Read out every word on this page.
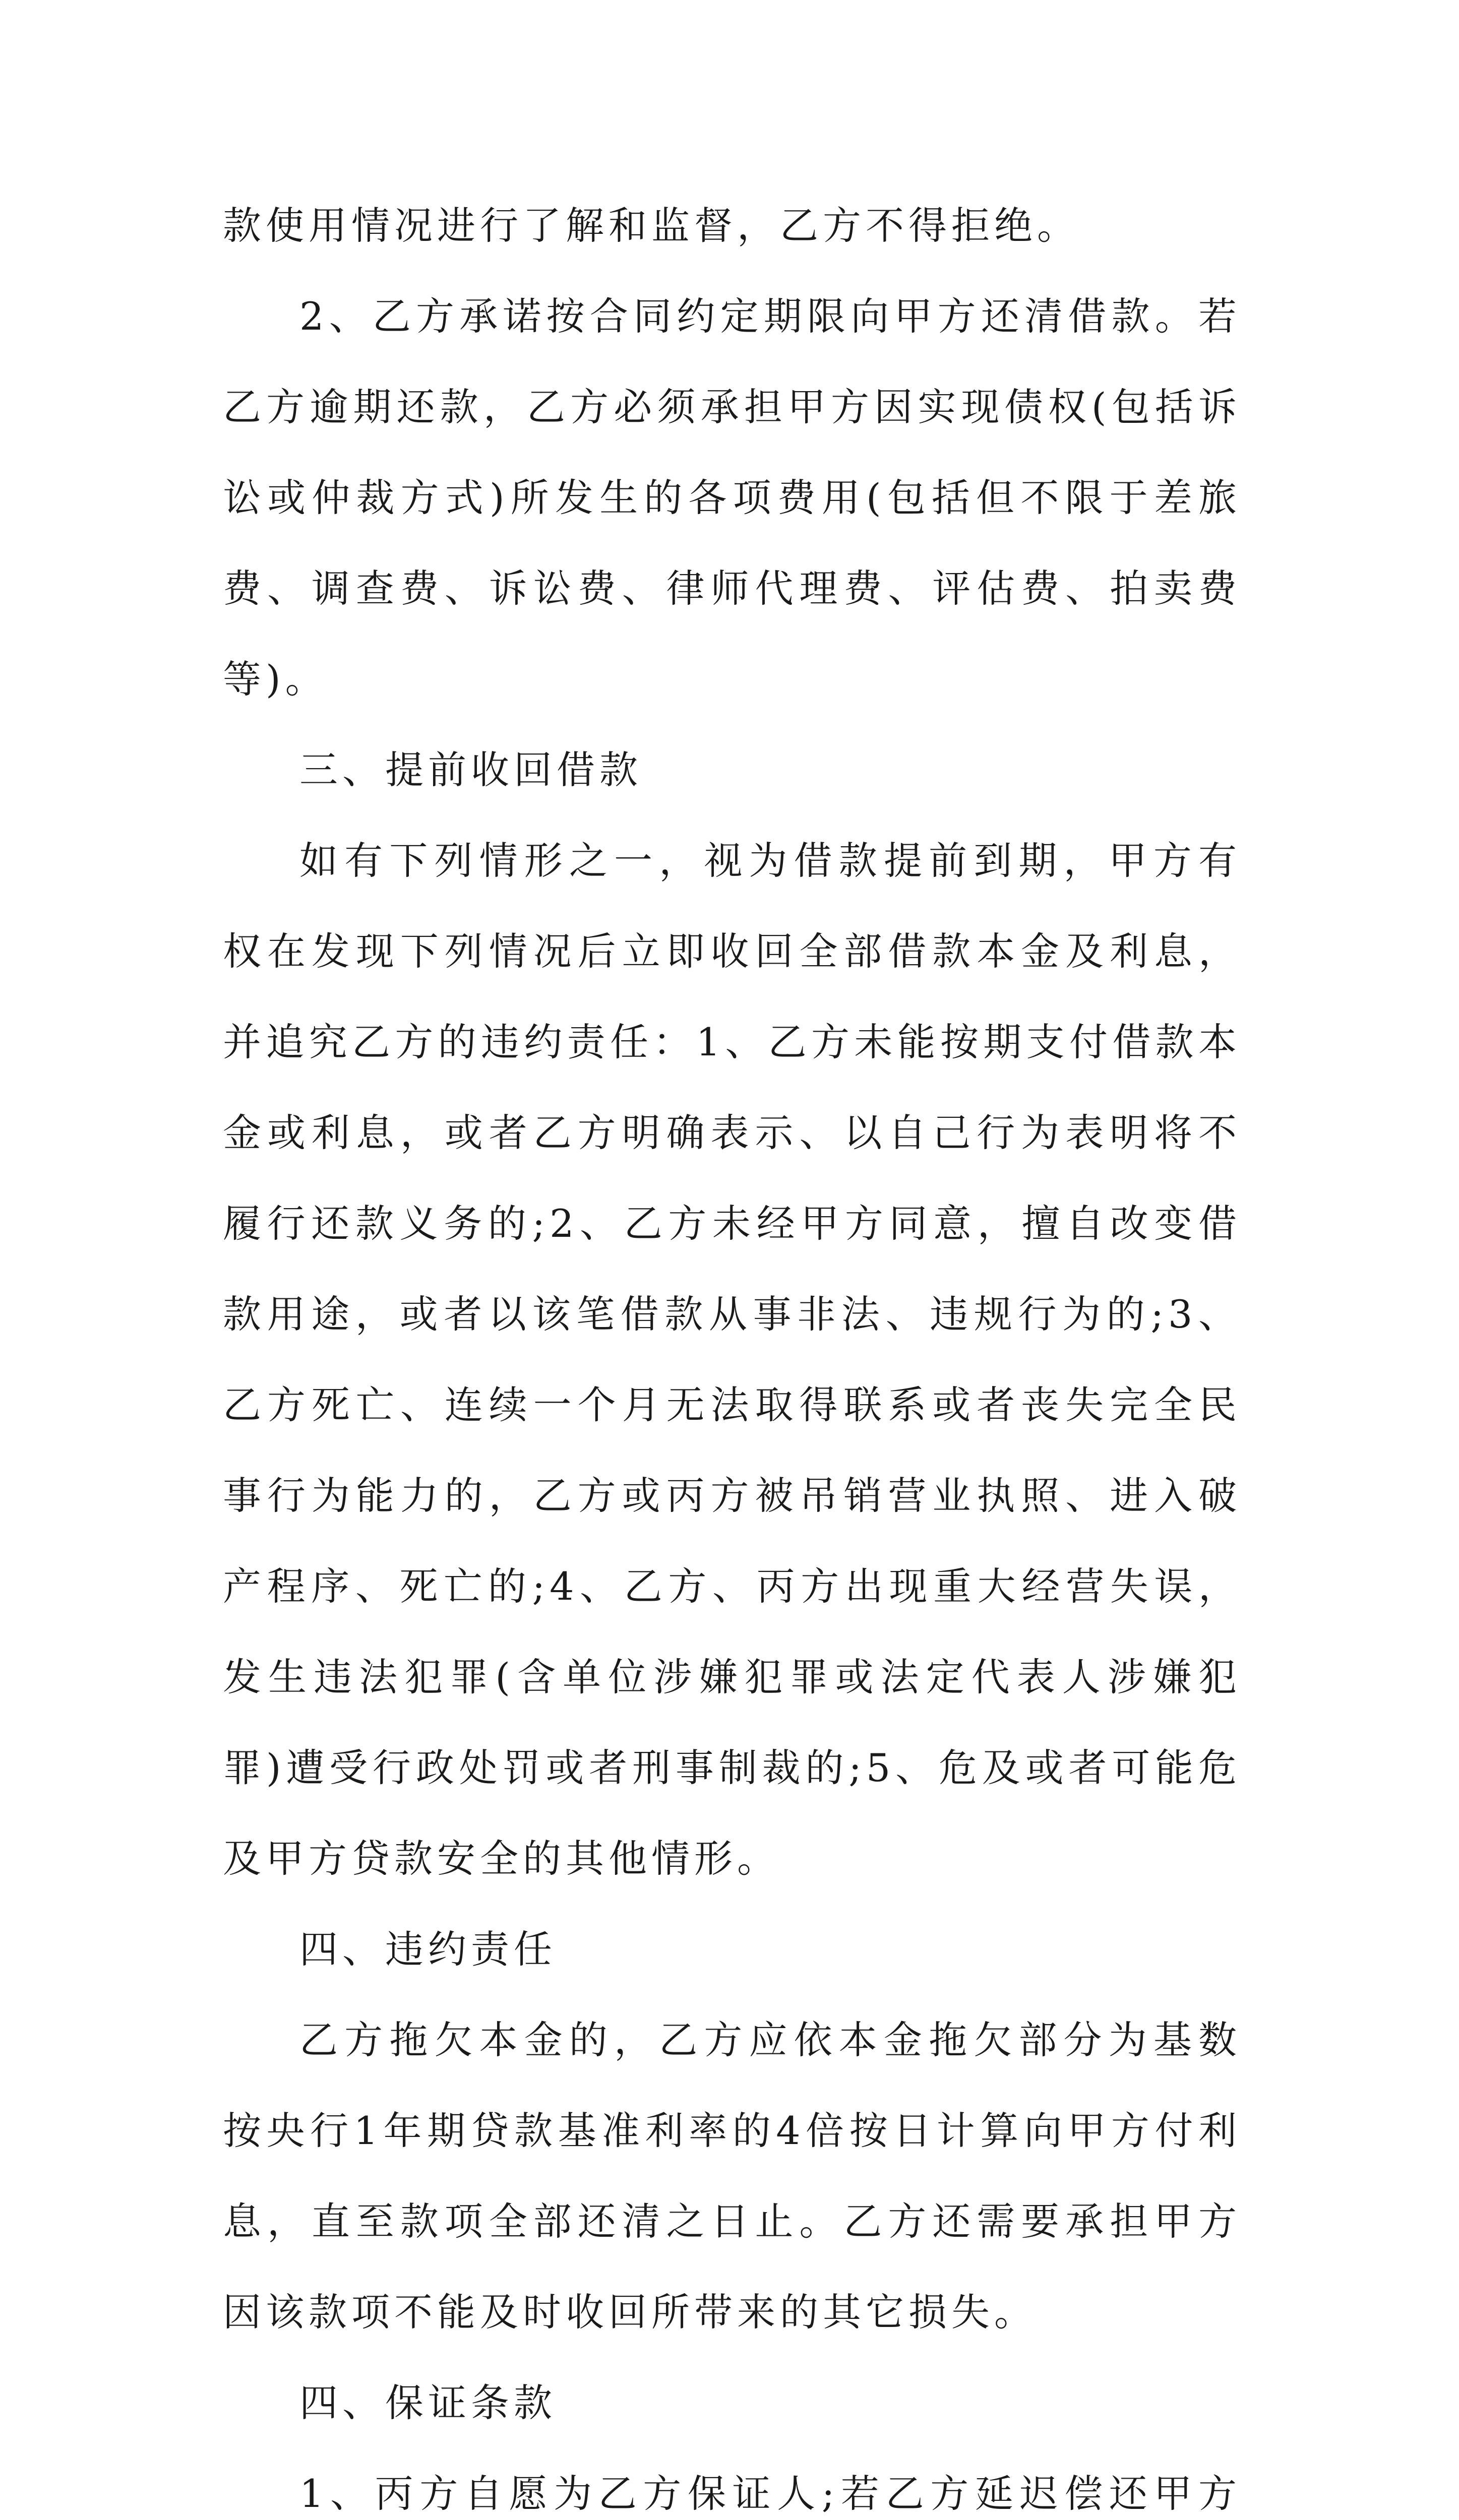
款使用情况进行了解和监督，乙方不得拒绝。

2、乙方承诺按合同约定期限向甲方还清借款。若乙方逾期还款，乙方必须承担甲方因实现债权(包括诉讼或仲裁方式)所发生的各项费用(包括但不限于差旅费、调查费、诉讼费、律师代理费、评估费、拍卖费等)。

三、提前收回借款

如有下列情形之一，视为借款提前到期，甲方有权在发现下列情况后立即收回全部借款本金及利息，并追究乙方的违约责任：1、乙方未能按期支付借款本金或利息，或者乙方明确表示、以自己行为表明将不履行还款义务的;2、乙方未经甲方同意，擅自改变借款用途，或者以该笔借款从事非法、违规行为的;3、乙方死亡、连续一个月无法取得联系或者丧失完全民事行为能力的，乙方或丙方被吊销营业执照、进入破产程序、死亡的;4、乙方、丙方出现重大经营失误，发生违法犯罪(含单位涉嫌犯罪或法定代表人涉嫌犯罪)遭受行政处罚或者刑事制裁的;5、危及或者可能危及甲方贷款安全的其他情形。

四、违约责任

乙方拖欠本金的，乙方应依本金拖欠部分为基数按央行1年期贷款基准利率的4倍按日计算向甲方付利息，直至款项全部还清之日止。乙方还需要承担甲方因该款项不能及时收回所带来的其它损失。

四、保证条款

1、丙方自愿为乙方保证人;若乙方延迟偿还甲方
